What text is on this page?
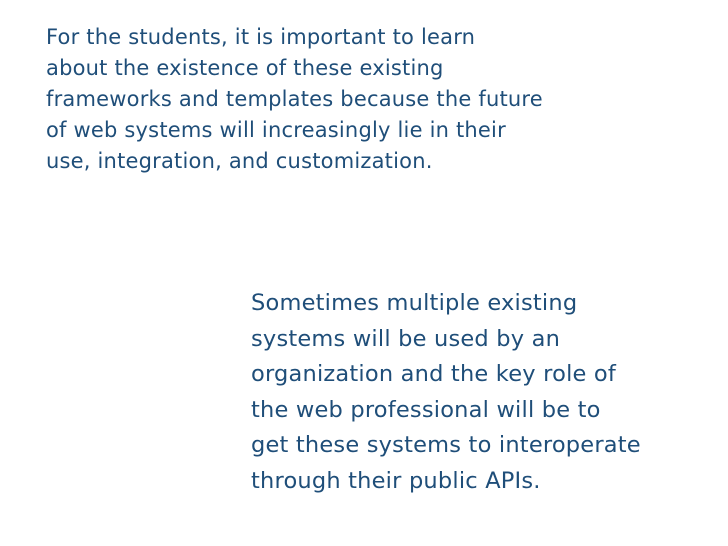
For the students, it is important to learn
about the existence of these existing
frameworks and templates because the future
of web systems will increasingly lie in their
use, integration, and customization.
Sometimes multiple existing
systems will be used by an
organization and the key role of
the web professional will be to
get these systems to interoperate
through their public APIs.
